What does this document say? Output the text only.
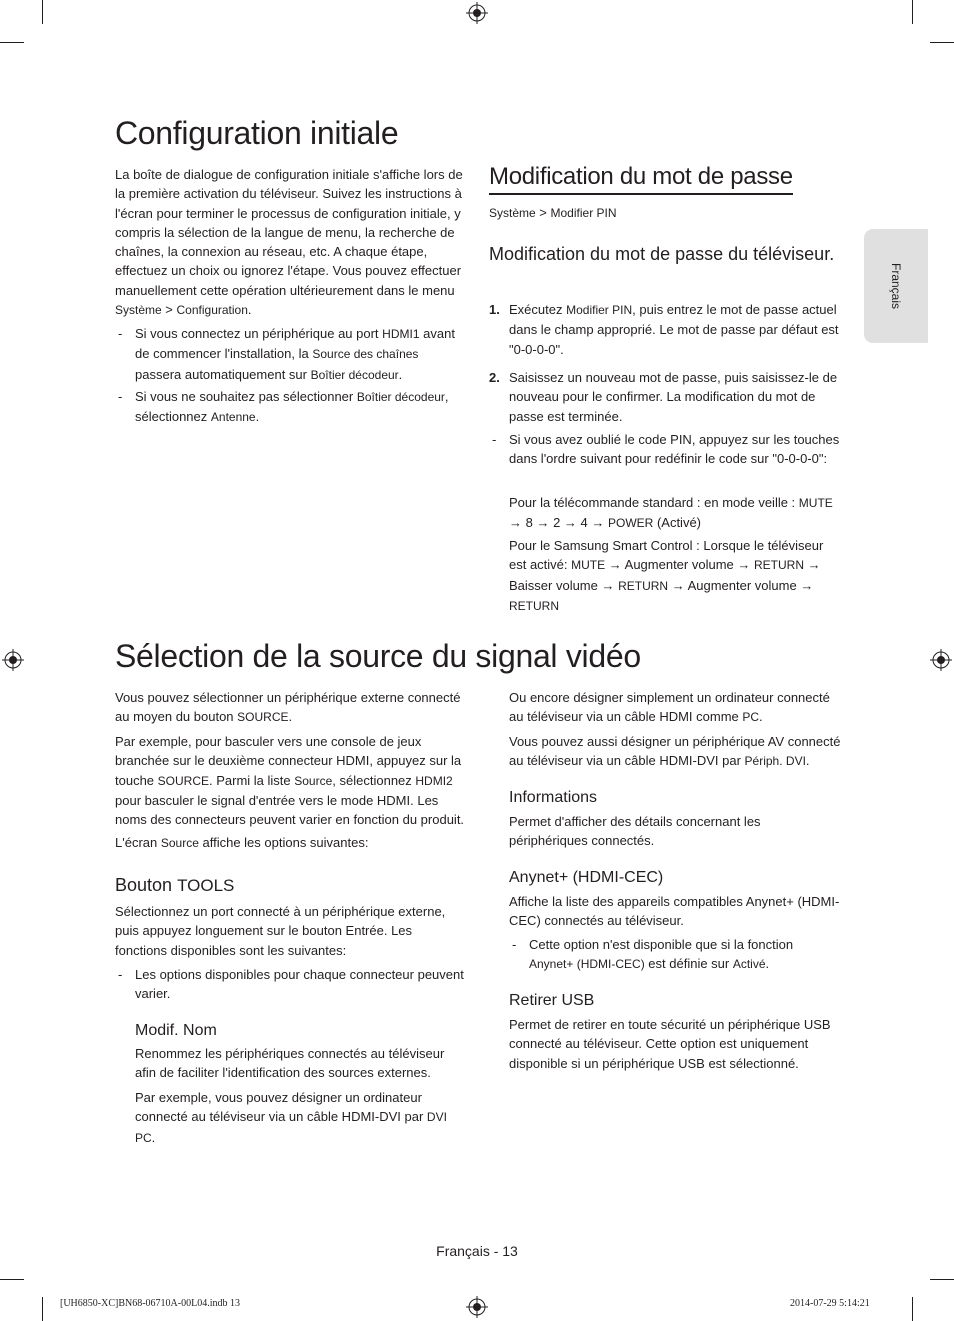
Français
Configuration initiale
La boîte de dialogue de configuration initiale s'affiche lors de la première activation du téléviseur. Suivez les instructions à l'écran pour terminer le processus de configuration initiale, y compris la sélection de la langue de menu, la recherche de chaînes, la connexion au réseau, etc. A chaque étape, effectuez un choix ou ignorez l'étape. Vous pouvez effectuer manuellement cette opération ultérieurement dans le menu Système > Configuration.
- Si vous connectez un périphérique au port HDMI1 avant de commencer l'installation, la Source des chaînes passera automatiquement sur Boîtier décodeur.
- Si vous ne souhaitez pas sélectionner Boîtier décodeur, sélectionnez Antenne.
Modification du mot de passe
Système > Modifier PIN
Modification du mot de passe du téléviseur.
1. Exécutez Modifier PIN, puis entrez le mot de passe actuel dans le champ approprié. Le mot de passe par défaut est "0-0-0-0".
2. Saisissez un nouveau mot de passe, puis saisissez-le de nouveau pour le confirmer. La modification du mot de passe est terminée.
- Si vous avez oublié le code PIN, appuyez sur les touches dans l'ordre suivant pour redéfinir le code sur "0-0-0-0":
Pour la télécommande standard : en mode veille : MUTE → 8 → 2 → 4 → POWER (Activé)
Pour le Samsung Smart Control : Lorsque le téléviseur est activé: MUTE → Augmenter volume → RETURN → Baisser volume → RETURN → Augmenter volume → RETURN
Sélection de la source du signal vidéo
Vous pouvez sélectionner un périphérique externe connecté au moyen du bouton SOURCE.
Par exemple, pour basculer vers une console de jeux branchée sur le deuxième connecteur HDMI, appuyez sur la touche SOURCE. Parmi la liste Source, sélectionnez HDMI2 pour basculer le signal d'entrée vers le mode HDMI. Les noms des connecteurs peuvent varier en fonction du produit.
L'écran Source affiche les options suivantes:
Bouton TOOLS
Sélectionnez un port connecté à un périphérique externe, puis appuyez longuement sur le bouton Entrée. Les fonctions disponibles sont les suivantes:
- Les options disponibles pour chaque connecteur peuvent varier.
Modif. Nom
Renommez les périphériques connectés au téléviseur afin de faciliter l'identification des sources externes.
Par exemple, vous pouvez désigner un ordinateur connecté au téléviseur via un câble HDMI-DVI par DVI PC.
Ou encore désigner simplement un ordinateur connecté au téléviseur via un câble HDMI comme PC.
Vous pouvez aussi désigner un périphérique AV connecté au téléviseur via un câble HDMI-DVI par Périph. DVI.
Informations
Permet d'afficher des détails concernant les périphériques connectés.
Anynet+ (HDMI-CEC)
Affiche la liste des appareils compatibles Anynet+ (HDMI-CEC) connectés au téléviseur.
- Cette option n'est disponible que si la fonction Anynet+ (HDMI-CEC) est définie sur Activé.
Retirer USB
Permet de retirer en toute sécurité un périphérique USB connecté au téléviseur. Cette option est uniquement disponible si un périphérique USB est sélectionné.
Français - 13
[UH6850-XC]BN68-06710A-00L04.indb 13	2014-07-29 5:14:21
